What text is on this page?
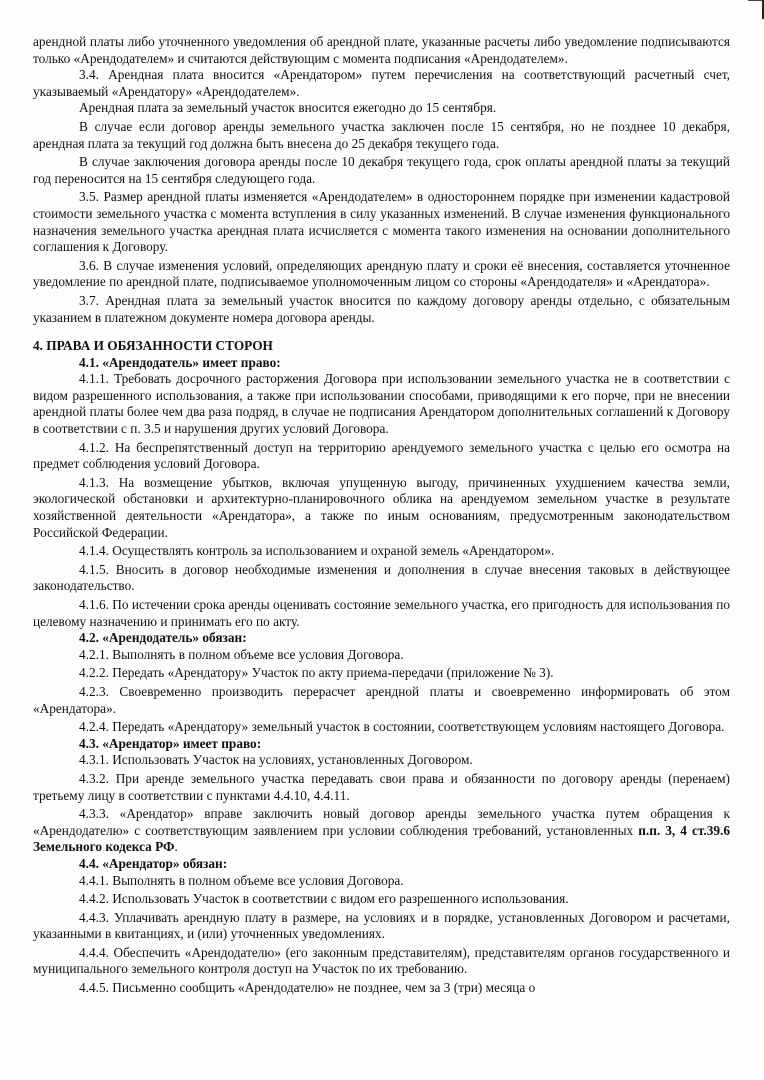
арендной платы либо уточненного уведомления об арендной плате, указанные расчеты либо уведомление подписываются только «Арендодателем» и считаются действующим с момента подписания «Арендодателем».

3.4. Арендная плата вносится «Арендатором» путем перечисления на соответствующий расчетный счет, указываемый «Арендатору» «Арендодателем».

Арендная плата за земельный участок вносится ежегодно до 15 сентября.

В случае если договор аренды земельного участка заключен после 15 сентября, но не позднее 10 декабря, арендная плата за текущий год должна быть внесена до 25 декабря текущего года.

В случае заключения договора аренды после 10 декабря текущего года, срок оплаты арендной платы за текущий год переносится на 15 сентября следующего года.

3.5. Размер арендной платы изменяется «Арендодателем» в одностороннем порядке при изменении кадастровой стоимости земельного участка с момента вступления в силу указанных изменений. В случае изменения функционального назначения земельного участка арендная плата исчисляется с момента такого изменения на основании дополнительного соглашения к Договору.

3.6. В случае изменения условий, определяющих арендную плату и сроки её внесения, составляется уточненное уведомление по арендной плате, подписываемое уполномоченным лицом со стороны «Арендодателя» и «Арендатора».

3.7. Арендная плата за земельный участок вносится по каждому договору аренды отдельно, с обязательным указанием в платежном документе номера договора аренды.

4. ПРАВА И ОБЯЗАННОСТИ СТОРОН

4.1. «Арендодатель» имеет право:

4.1.1. Требовать досрочного расторжения Договора при использовании земельного участка не в соответствии с видом разрешенного использования, а также при использовании способами, приводящими к его порче, при не внесении арендной платы более чем два раза подряд, в случае не подписания Арендатором дополнительных соглашений к Договору в соответствии с п. 3.5 и нарушения других условий Договора.

4.1.2. На беспрепятственный доступ на территорию арендуемого земельного участка с целью его осмотра на предмет соблюдения условий Договора.

4.1.3. На возмещение убытков, включая упущенную выгоду, причиненных ухудшением качества земли, экологической обстановки и архитектурно-планировочного облика на арендуемом земельном участке в результате хозяйственной деятельности «Арендатора», а также по иным основаниям, предусмотренным законодательством Российской Федерации.

4.1.4. Осуществлять контроль за использованием и охраной земель «Арендатором».

4.1.5. Вносить в договор необходимые изменения и дополнения в случае внесения таковых в действующее законодательство.

4.1.6. По истечении срока аренды оценивать состояние земельного участка, его пригодность для использования по целевому назначению и принимать его по акту.

4.2. «Арендодатель» обязан:

4.2.1. Выполнять в полном объеме все условия Договора.

4.2.2. Передать «Арендатору» Участок по акту приема-передачи (приложение № 3).

4.2.3. Своевременно производить перерасчет арендной платы и своевременно информировать об этом «Арендатора».

4.2.4. Передать «Арендатору» земельный участок в состоянии, соответствующем условиям настоящего Договора.

4.3. «Арендатор» имеет право:

4.3.1. Использовать Участок на условиях, установленных Договором.

4.3.2. При аренде земельного участка передавать свои права и обязанности по договору аренды (перенаем) третьему лицу в соответствии с пунктами 4.4.10, 4.4.11.

4.3.3. «Арендатор» вправе заключить новый договор аренды земельного участка путем обращения к «Арендодателю» с соответствующим заявлением при условии соблюдения требований, установленных п.п. 3, 4 ст.39.6 Земельного кодекса РФ.

4.4. «Арендатор» обязан:

4.4.1. Выполнять в полном объеме все условия Договора.

4.4.2. Использовать Участок в соответствии с видом его разрешенного использования.

4.4.3. Уплачивать арендную плату в размере, на условиях и в порядке, установленных Договором и расчетами, указанными в квитанциях, и (или) уточненных уведомлениях.

4.4.4. Обеспечить «Арендодателю» (его законным представителям), представителям органов государственного и муниципального земельного контроля доступ на Участок по их требованию.

4.4.5. Письменно сообщить «Арендодателю» не позднее, чем за 3 (три) месяца о
